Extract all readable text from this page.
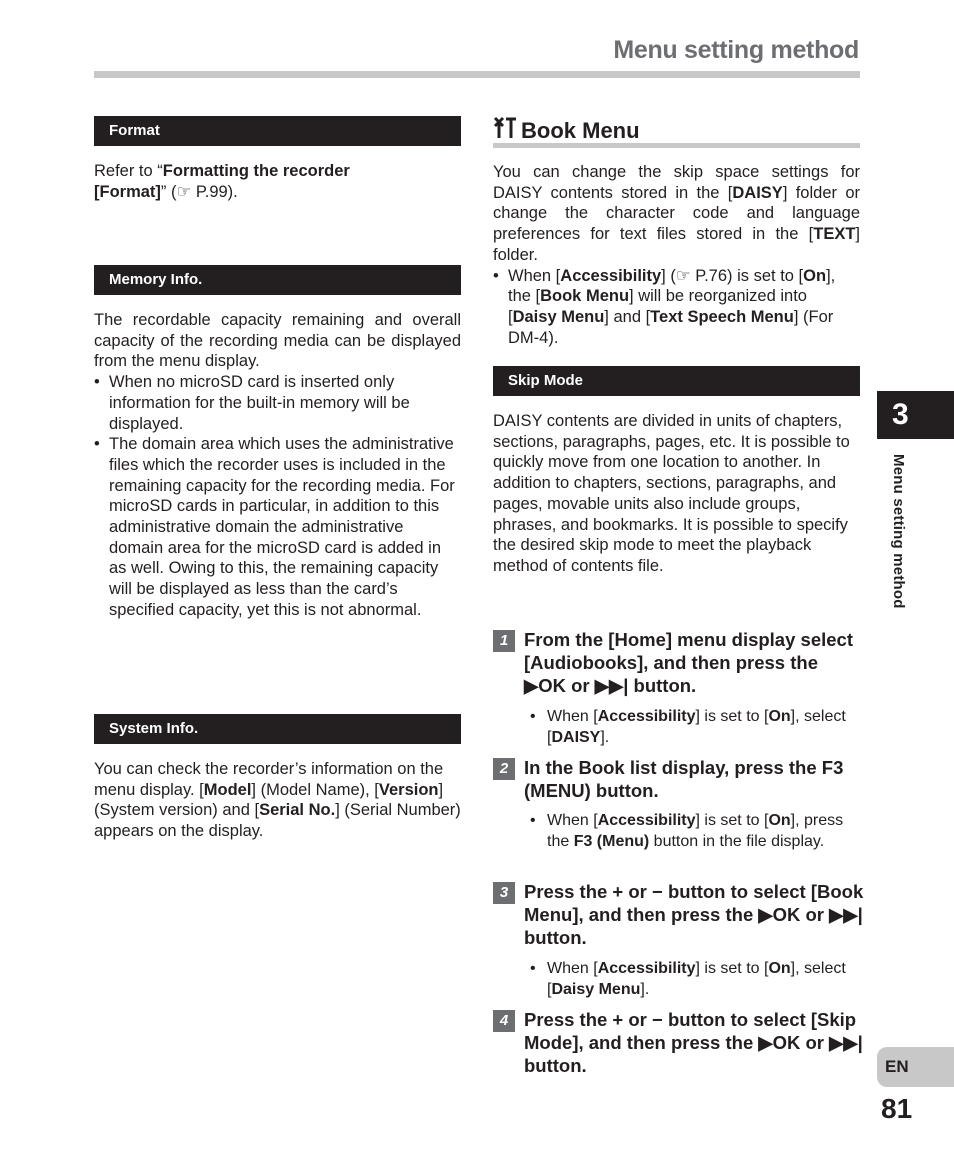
Menu setting method
Format
Refer to “Formatting the recorder
[Format]” (☞ P.99).
Memory Info.

The recordable capacity remaining and overall capacity of the recording media can be displayed from the menu display.

• When no microSD card is inserted only information for the built-in memory will be displayed.

• The domain area which uses the administrative files which the recorder uses is included in the remaining capacity for the recording media. For microSD cards in particular, in addition to this administrative domain the administrative domain area for the microSD card is added in as well. Owing to this, the remaining capacity will be displayed as less than the card’s specified capacity, yet this is not abnormal.

System Info.
You can check the recorder’s information on the menu display. [Model] (Model Name), [Version] (System version) and [Serial No.] (Serial Number) appears on the display.
Book Menu

You can change the skip space settings for DAISY contents stored in the [DAISY] folder or change the character code and language preferences for text files stored in the [TEXT] folder.

• When [Accessibility] (☞ P.76) is set to [On], the [Book Menu] will be reorganized into [Daisy Menu] and [Text Speech Menu] (For DM-4).

Skip Mode
DAISY contents are divided in units of chapters, sections, paragraphs, pages, etc. It is possible to quickly move from one location to another. In addition to chapters, sections, paragraphs, and pages, movable units also include groups, phrases, and bookmarks. It is possible to specify the desired skip mode to meet the playback method of contents file.
1 From the [Home] menu display select [Audiobooks], and then press the ▶OK or ▶▶| button.
• When [Accessibility] is set to [On], select [DAISY].
2 In the Book list display, press the F3 (MENU) button.
• When [Accessibility] is set to [On], press the F3 (Menu) button in the file display.
3 Press the + or − button to select [Book Menu], and then press the ▶OK or ▶▶| button.
• When [Accessibility] is set to [On], select [Daisy Menu].
4 Press the + or − button to select [Skip Mode], and then press the ▶OK or ▶▶| button.
3
Menu setting method
EN
81
